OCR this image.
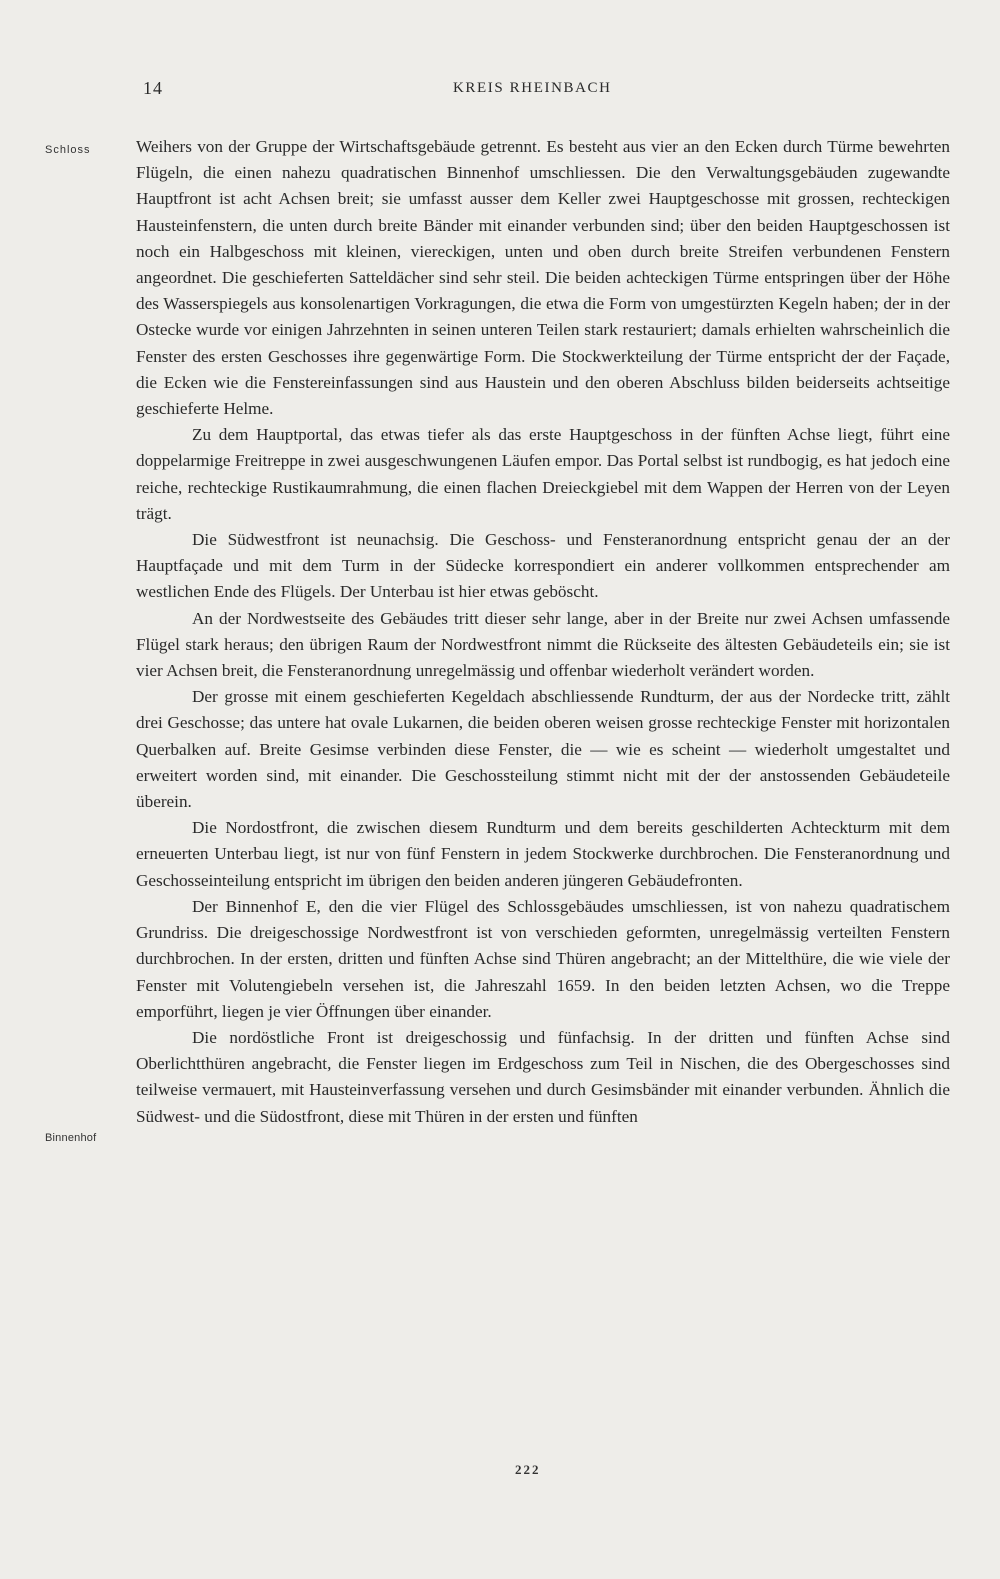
14	KREIS RHEINBACH
Schloss
Binnenhof

Weihers von der Gruppe der Wirtschaftsgebäude getrennt. Es besteht aus vier an den Ecken durch Türme bewehrten Flügeln, die einen nahezu quadratischen Binnenhof umschliessen. Die den Verwaltungsgebäuden zugewandte Hauptfront ist acht Achsen breit; sie umfasst ausser dem Keller zwei Hauptgeschosse mit grossen, rechteckigen Hausteinfenstern, die unten durch breite Bänder mit einander verbunden sind; über den beiden Hauptgeschossen ist noch ein Halbgeschoss mit kleinen, viereckigen, unten und oben durch breite Streifen verbundenen Fenstern angeordnet. Die geschieferten Satteldächer sind sehr steil. Die beiden achteckigen Türme entspringen über der Höhe des Wasserspiegels aus konsolenartigen Vorkragungen, die etwa die Form von umgestürzten Kegeln haben; der in der Ostecke wurde vor einigen Jahrzehnten in seinen unteren Teilen stark restauriert; damals erhielten wahrscheinlich die Fenster des ersten Geschosses ihre gegenwärtige Form. Die Stockwerkteilung der Türme entspricht der der Façade, die Ecken wie die Fenstereinfassungen sind aus Haustein und den oberen Abschluss bilden beiderseits achtseitige geschieferte Helme.

Zu dem Hauptportal, das etwas tiefer als das erste Hauptgeschoss in der fünften Achse liegt, führt eine doppelarmige Freitreppe in zwei ausgeschwungenen Läufen empor. Das Portal selbst ist rundbogig, es hat jedoch eine reiche, rechteckige Rustikaumrahmung, die einen flachen Dreieckgiebel mit dem Wappen der Herren von der Leyen trägt.

Die Südwestfront ist neunachsig. Die Geschoss- und Fensteranordnung entspricht genau der an der Hauptfaçade und mit dem Turm in der Südecke korrespondiert ein anderer vollkommen entsprechender am westlichen Ende des Flügels. Der Unterbau ist hier etwas geböscht.

An der Nordwestseite des Gebäudes tritt dieser sehr lange, aber in der Breite nur zwei Achsen umfassende Flügel stark heraus; den übrigen Raum der Nordwestfront nimmt die Rückseite des ältesten Gebäudeteils ein; sie ist vier Achsen breit, die Fensteranordnung unregelmässig und offenbar wiederholt verändert worden.

Der grosse mit einem geschieferten Kegeldach abschliessende Rundturm, der aus der Nordecke tritt, zählt drei Geschosse; das untere hat ovale Lukarnen, die beiden oberen weisen grosse rechteckige Fenster mit horizontalen Querbalken auf. Breite Gesimse verbinden diese Fenster, die — wie es scheint — wiederholt umgestaltet und erweitert worden sind, mit einander. Die Geschossteilung stimmt nicht mit der der anstossenden Gebäudeteile überein.

Die Nordostfront, die zwischen diesem Rundturm und dem bereits geschilderten Achteckturm mit dem erneuerten Unterbau liegt, ist nur von fünf Fenstern in jedem Stockwerke durchbrochen. Die Fensteranordnung und Geschosseinteilung entspricht im übrigen den beiden anderen jüngeren Gebäudefronten.

Der Binnenhof E, den die vier Flügel des Schlossgebäudes umschliessen, ist von nahezu quadratischem Grundriss. Die dreigeschossige Nordwestfront ist von verschieden geformten, unregelmässig verteilten Fenstern durchbrochen. In der ersten, dritten und fünften Achse sind Thüren angebracht; an der Mittelthüre, die wie viele der Fenster mit Volutengiebeln versehen ist, die Jahreszahl 1659. In den beiden letzten Achsen, wo die Treppe emporführt, liegen je vier Öffnungen über einander.

Die nordöstliche Front ist dreigeschossig und fünfachsig. In der dritten und fünften Achse sind Oberlichtthüren angebracht, die Fenster liegen im Erdgeschoss zum Teil in Nischen, die des Obergeschosses sind teilweise vermauert, mit Hausteinverfassung versehen und durch Gesimsbänder mit einander verbunden. Ähnlich die Südwest- und die Südostfront, diese mit Thüren in der ersten und fünften

222
